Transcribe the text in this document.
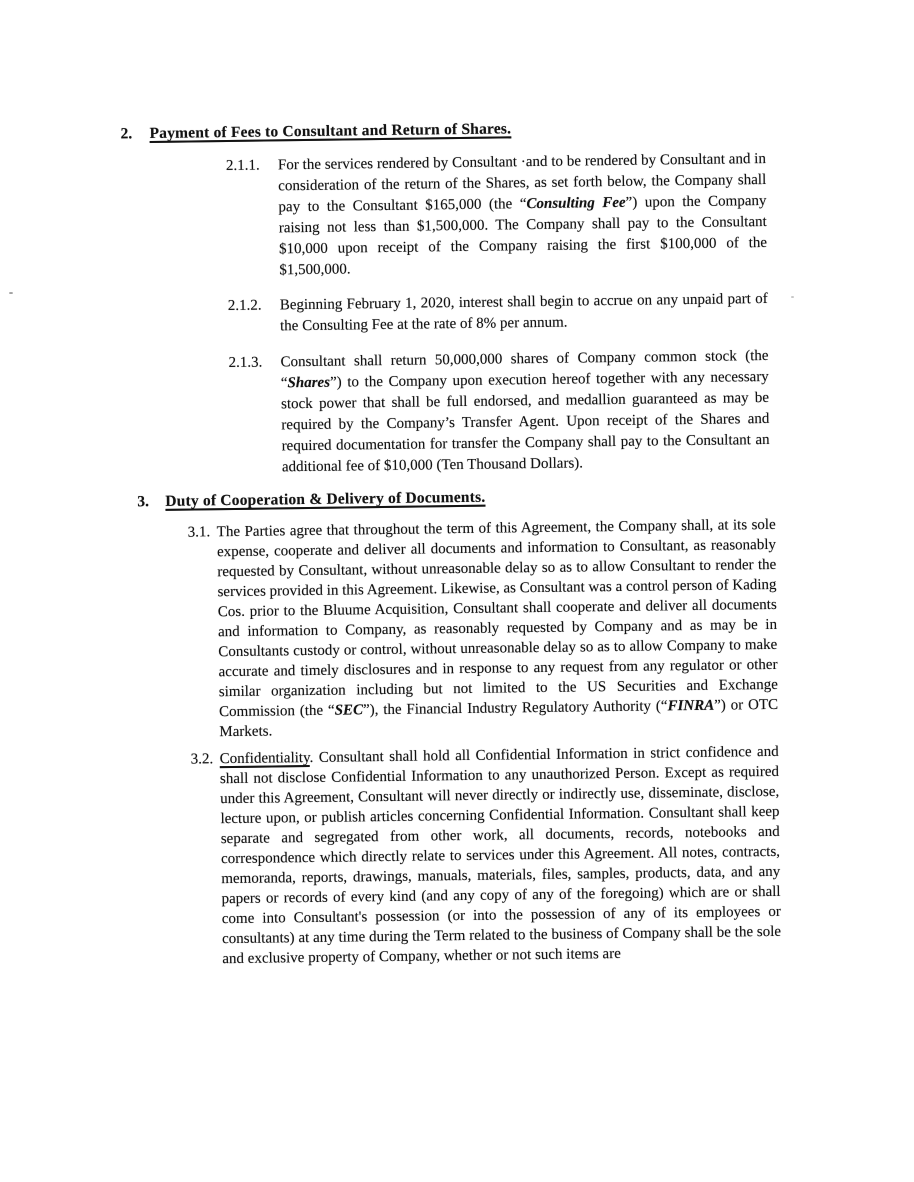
2.	Payment of Fees to Consultant and Return of Shares.
2.1.1.	For the services rendered by Consultant ·and to be rendered by Consultant and in consideration of the return of the Shares, as set forth below, the Company shall pay to the Consultant $165,000 (the “Consulting Fee”) upon the Company raising not less than $1,500,000. The Company shall pay to the Consultant $10,000 upon receipt of the Company raising the first $100,000 of the $1,500,000.
2.1.2.	Beginning February 1, 2020, interest shall begin to accrue on any unpaid part of the Consulting Fee at the rate of 8% per annum.
2.1.3.	Consultant shall return 50,000,000 shares of Company common stock (the “Shares”) to the Company upon execution hereof together with any necessary stock power that shall be full endorsed, and medallion guaranteed as may be required by the Company’s Transfer Agent. Upon receipt of the Shares and required documentation for transfer the Company shall pay to the Consultant an additional fee of $10,000 (Ten Thousand Dollars).
3.	Duty of Cooperation & Delivery of Documents.
3.1. The Parties agree that throughout the term of this Agreement, the Company shall, at its sole expense, cooperate and deliver all documents and information to Consultant, as reasonably requested by Consultant, without unreasonable delay so as to allow Consultant to render the services provided in this Agreement. Likewise, as Consultant was a control person of Kading Cos. prior to the Bluume Acquisition, Consultant shall cooperate and deliver all documents and information to Company, as reasonably requested by Company and as may be in Consultants custody or control, without unreasonable delay so as to allow Company to make accurate and timely disclosures and in response to any request from any regulator or other similar organization including but not limited to the US Securities and Exchange Commission (the “SEC”), the Financial Industry Regulatory Authority (“FINRA”) or OTC Markets.
3.2. Confidentiality. Consultant shall hold all Confidential Information in strict confidence and shall not disclose Confidential Information to any unauthorized Person. Except as required under this Agreement, Consultant will never directly or indirectly use, disseminate, disclose, lecture upon, or publish articles concerning Confidential Information. Consultant shall keep separate and segregated from other work, all documents, records, notebooks and correspondence which directly relate to services under this Agreement. All notes, contracts, memoranda, reports, drawings, manuals, materials, files, samples, products, data, and any papers or records of every kind (and any copy of any of the foregoing) which are or shall come into Consultant's possession (or into the possession of any of its employees or consultants) at any time during the Term related to the business of Company shall be the sole and exclusive property of Company, whether or not such items are
